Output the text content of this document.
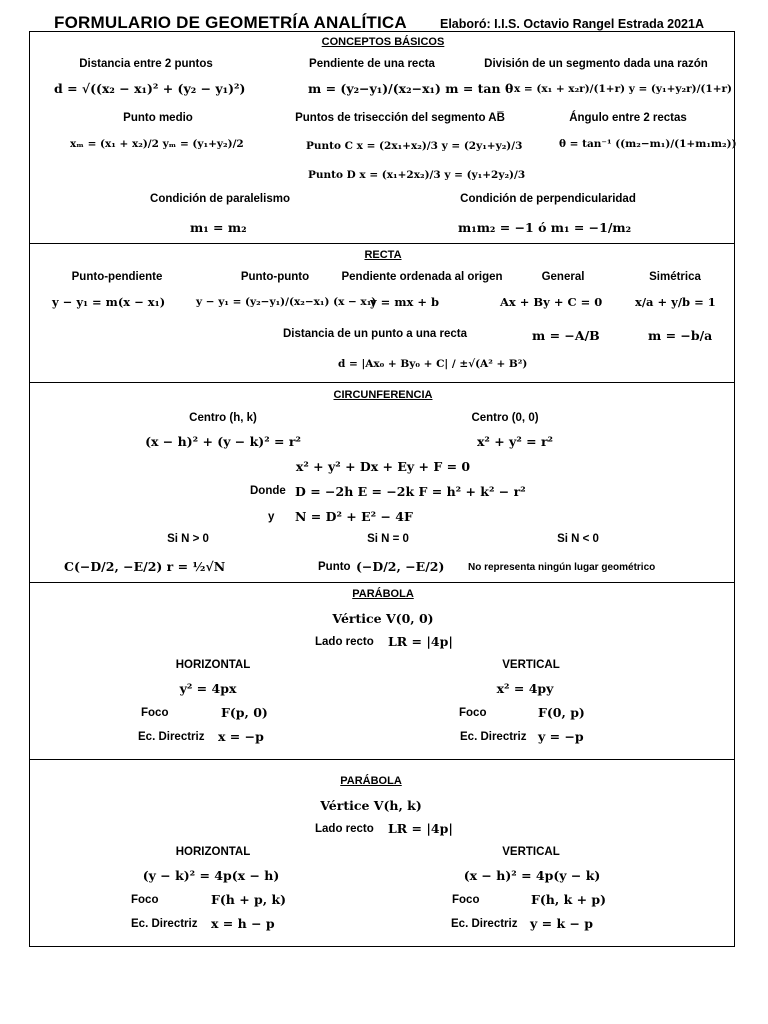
FORMULARIO DE GEOMETRÍA ANALÍTICA	Elaboró: I.I.S. Octavio Rangel Estrada 2021A
CONCEPTOS BÁSICOS
Distancia entre 2 puntos
d = √((x₂ − x₁)² + (y₂ − y₁)²)
Pendiente de una recta
m = (y₂−y₁)/(x₂−x₁) m = tan θ
División de un segmento dada una razón
x = (x₁ + x₂r)/(1+r) y = (y₁+y₂r)/(1+r)
Punto medio
xₘ = (x₁ + x₂)/2 yₘ = (y₁+y₂)/2
Puntos de trisección del segmento AB̅
Punto C x = (2x₁+x₂)/3 y = (2y₁+y₂)/3
Punto D x = (x₁+2x₂)/3 y = (y₁+2y₂)/3
Ángulo entre 2 rectas
θ = tan⁻¹ ((m₂−m₁)/(1+m₁m₂))
Condición de paralelismo
m₁ = m₂
Condición de perpendicularidad
m₁m₂ = −1 ó m₁ = −1/m₂
RECTA
Punto-pendiente	Punto-punto	Pendiente ordenada al origen	General	Simétrica
y − y₁ = m(x − x₁)	y − y₁ = (y₂−y₁)/(x₂−x₁) (x − x₁)
y = mx + b	Ax + By + C = 0	x/a + y/b = 1
Distancia de un punto a una recta	m = −A/B	m = −b/a
d = |Ax₀ + By₀ + C| / ±√(A² + B²)
CIRCUNFERENCIA
Centro (h, k)
(x − h)² + (y − k)² = r²
Centro (0, 0)
x² + y² = r²
x² + y² + Dx + Ey + F = 0
Donde D = −2h E = −2k F = h² + k² − r²
y N = D² + E² − 4F
Si N > 0	Si N = 0	Si N < 0
C(−D/2, −E/2) r = ½√N	Punto (−D/2, −E/2) No representa ningún lugar geométrico
PARÁBOLA
Vértice V(0, 0)
Lado recto LR = |4p|
HORIZONTAL	VERTICAL
y² = 4px	x² = 4py
Foco	F(p, 0)	Foco	F(0, p)
Ec. Directriz x = −p	Ec. Directriz y = −p
PARÁBOLA
Vértice V(h, k)
Lado recto LR = |4p|
HORIZONTAL	VERTICAL
(y − k)² = 4p(x − h)	(x − h)² = 4p(y − k)
Foco	F(h + p, k)	Foco	F(h, k + p)
Ec. Directriz x = h − p	Ec. Directriz y = k − p
